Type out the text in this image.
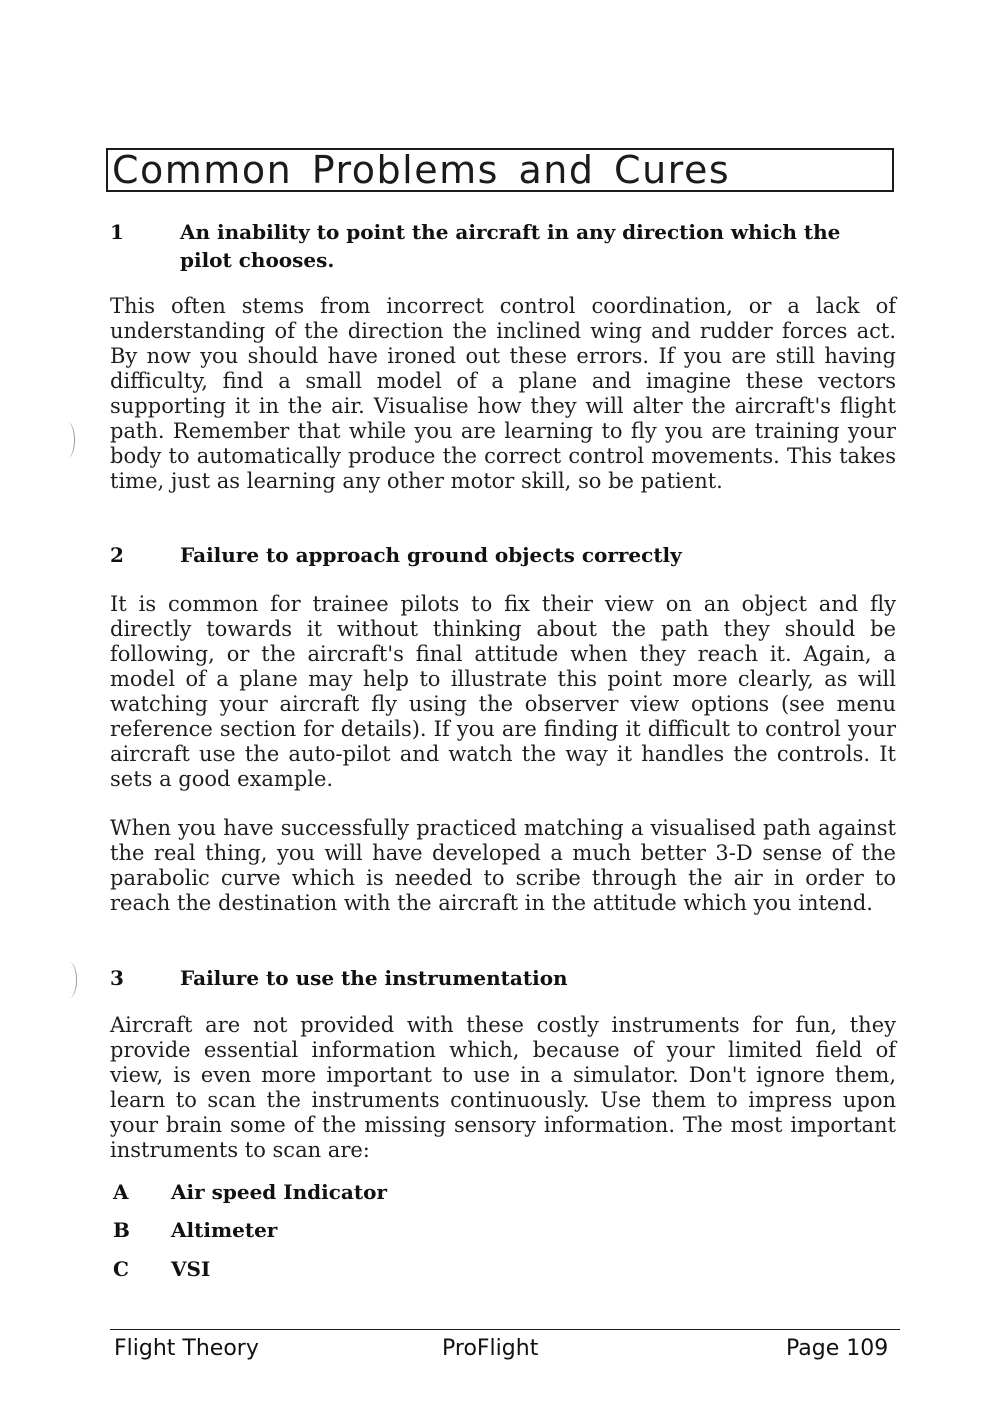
Common Problems and Cures
1	An inability to point the aircraft in any direction which the pilot chooses.

This often stems from incorrect control coordination, or a lack of understanding of the direction the inclined wing and rudder forces act. By now you should have ironed out these errors. If you are still having difficulty, find a small model of a plane and imagine these vectors supporting it in the air. Visualise how they will alter the aircraft's flight path. Remember that while you are learning to fly you are training your body to automatically produce the correct control movements. This takes time, just as learning any other motor skill, so be patient.

2	Failure to approach ground objects correctly

It is common for trainee pilots to fix their view on an object and fly directly towards it without thinking about the path they should be following, or the aircraft's final attitude when they reach it. Again, a model of a plane may help to illustrate this point more clearly, as will watching your aircraft fly using the observer view options (see menu reference section for details). If you are finding it difficult to control your aircraft use the auto-pilot and watch the way it handles the controls. It sets a good example.

When you have successfully practiced matching a visualised path against the real thing, you will have developed a much better 3-D sense of the parabolic curve which is needed to scribe through the air in order to reach the destination with the aircraft in the attitude which you intend.

3	Failure to use the instrumentation

Aircraft are not provided with these costly instruments for fun, they provide essential information which, because of your limited field of view, is even more important to use in a simulator. Don't ignore them, learn to scan the instruments continuously. Use them to impress upon your brain some of the missing sensory information. The most important instruments to scan are:

A Air speed Indicator
B Altimeter
C VSI
Flight Theory	ProFlight	Page 109
